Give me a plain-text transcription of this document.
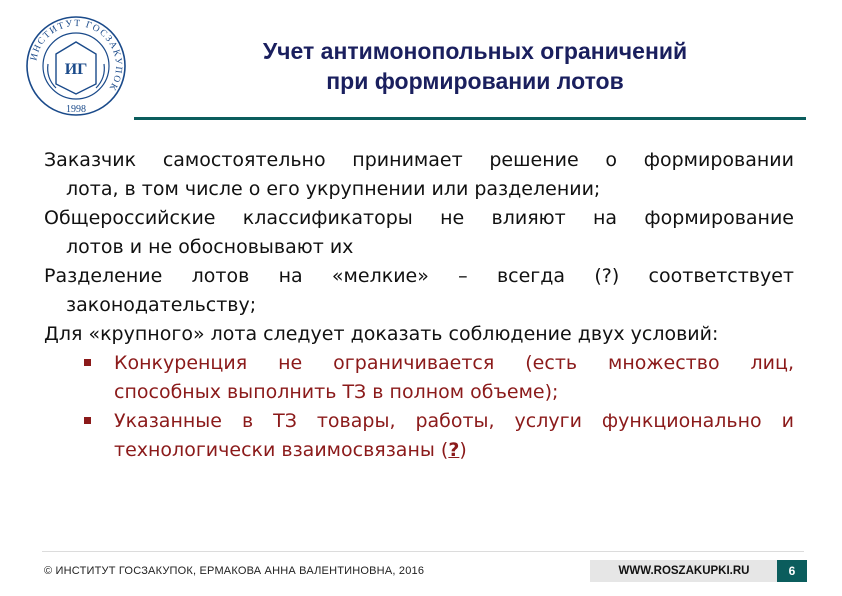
ИНСТИТУТ ГОСЗАКУПОК
1998
ИГ
Учет антимонопольных ограничений
при формировании лотов
Заказчик самостоятельно принимает решение о формировании
лота, в том числе о его укрупнении или разделении;
Общероссийские классификаторы не влияют на формирование
лотов и не обосновывают их
Разделение лотов на «мелкие» – всегда (?) соответствует
законодательству;
Для «крупного» лота следует доказать соблюдение двух условий:
Конкуренция не ограничивается (есть множество лиц,
способных выполнить ТЗ в полном объеме);
Указанные в ТЗ товары, работы, услуги функционально и
технологически взаимосвязаны (?)
© ИНСТИТУТ ГОСЗАКУПОК, ЕРМАКОВА АННА ВАЛЕНТИНОВНА, 2016	WWW.ROSZAKUPKI.RU	6
